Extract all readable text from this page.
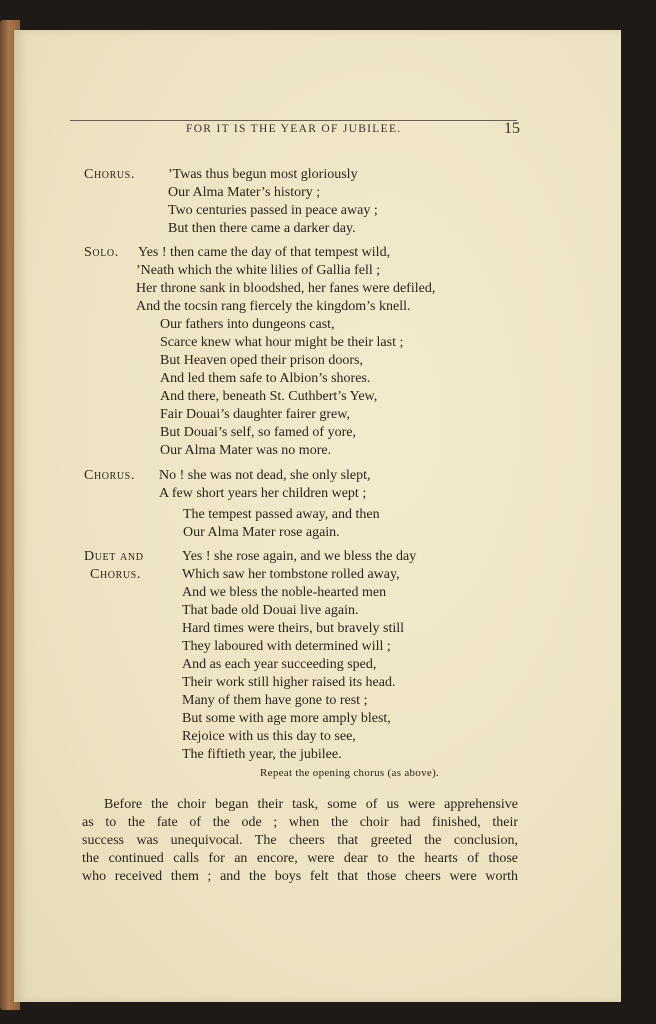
FOR IT IS THE YEAR OF JUBILEE.	15
Chorus.
Solo.
Chorus.
Duet and
Chorus.
’Twas thus begun most gloriously
Our Alma Mater’s history ;
Two centuries passed in peace away ;
But then there came a darker day.
Yes ! then came the day of that tempest wild,
’Neath which the white lilies of Gallia fell ;
Her throne sank in bloodshed, her fanes were defiled,
And the tocsin rang fiercely the kingdom’s knell.
Our fathers into dungeons cast,
Scarce knew what hour might be their last ;
But Heaven oped their prison doors,
And led them safe to Albion’s shores.
And there, beneath St. Cuthbert’s Yew,
Fair Douai’s daughter fairer grew,
But Douai’s self, so famed of yore,
Our Alma Mater was no more.
No ! she was not dead, she only slept,
A few short years her children wept ;
The tempest passed away, and then
Our Alma Mater rose again.
Yes ! she rose again, and we bless the day
Which saw her tombstone rolled away,
And we bless the noble-hearted men
That bade old Douai live again.
Hard times were theirs, but bravely still
They laboured with determined will ;
And as each year succeeding sped,
Their work still higher raised its head.
Many of them have gone to rest ;
But some with age more amply blest,
Rejoice with us this day to see,
The fiftieth year, the jubilee.
Repeat the opening chorus (as above).
Before the choir began their task, some of us were apprehensive
as to the fate of the ode ; when the choir had finished, their
success was unequivocal. The cheers that greeted the conclusion,
the continued calls for an encore, were dear to the hearts of those
who received them ; and the boys felt that those cheers were worth
